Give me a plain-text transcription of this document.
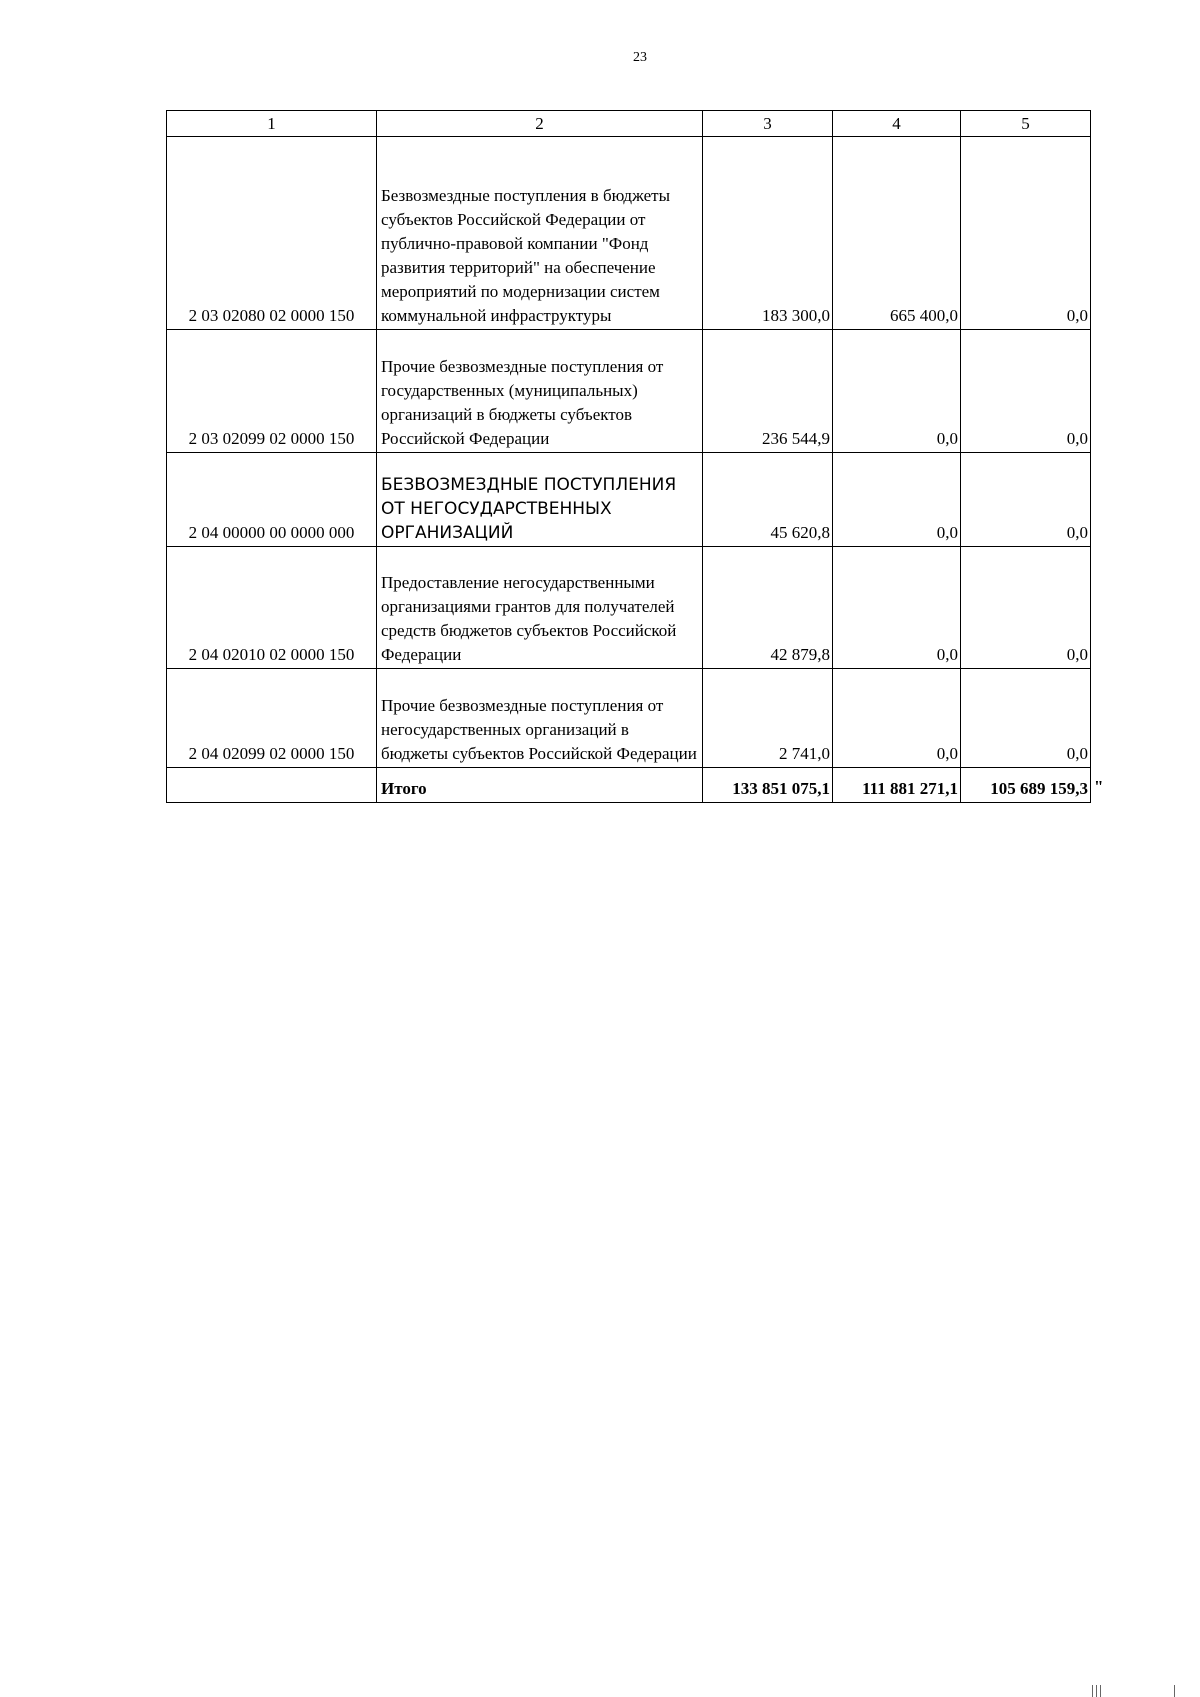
23
1	2	3	4	5
2 03 02080 02 0000 150	Безвозмездные поступления в бюджеты субъектов Российской Федерации от публично-правовой компании "Фонд развития территорий" на обеспечение мероприятий по модернизации систем коммунальной инфраструктуры	183 300,0	665 400,0	0,0
2 03 02099 02 0000 150	Прочие безвозмездные поступления от государственных (муниципальных) организаций в бюджеты субъектов Российской Федерации	236 544,9	0,0	0,0
2 04 00000 00 0000 000	БЕЗВОЗМЕЗДНЫЕ ПОСТУПЛЕНИЯ ОТ НЕГОСУДАРСТВЕННЫХ ОРГАНИЗАЦИЙ	45 620,8	0,0	0,0
2 04 02010 02 0000 150	Предоставление негосударственными организациями грантов для получателей средств бюджетов субъектов Российской Федерации	42 879,8	0,0	0,0
2 04 02099 02 0000 150	Прочие безвозмездные поступления от негосударственных организаций в бюджеты субъектов Российской Федерации	2 741,0	0,0	0,0
	Итого	133 851 075,1	111 881 271,1	105 689 159,3 "
